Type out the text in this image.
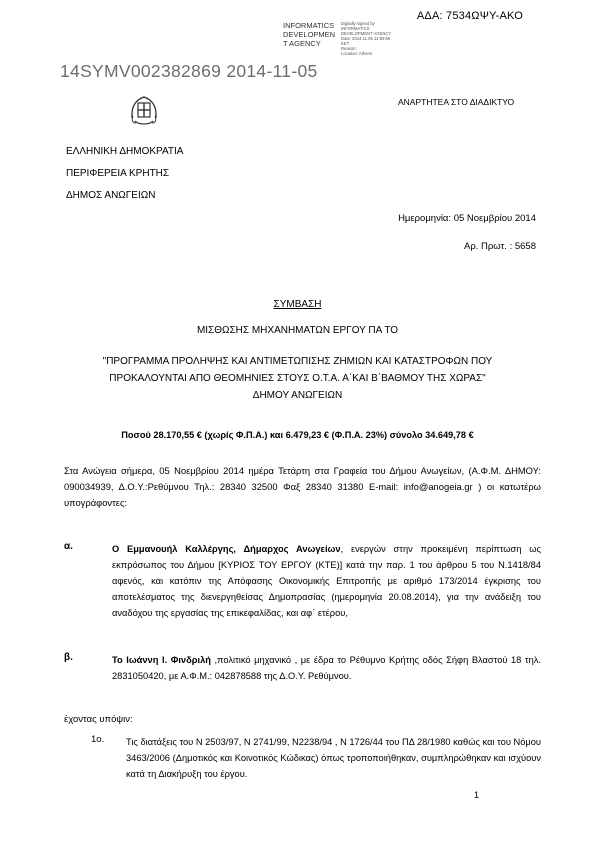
ΑΔΑ: 7534ΩΨΥ-ΑΚΟ
INFORMATICS
DEVELOPMEN
T AGENCY
Digitally signed by
INFORMATICS
DEVELOPMENT AGENCY
Date: 2014.11.05 14:59:56
EET
Reason:
Location: Athens
14SYMV002382869 2014-11-05
ΑΝΑΡΤΗΤΕΑ ΣΤΟ ΔΙΑΔΙΚΤΥΟ
ΕΛΛΗΝΙΚΗ ΔΗΜΟΚΡΑΤΙΑ
ΠΕΡΙΦΕΡΕΙΑ ΚΡΗΤΗΣ
ΔΗΜΟΣ ΑΝΩΓΕΙΩΝ
Ημερομηνία: 05 Νοεμβρίου 2014
Αρ. Πρωτ. : 5658
ΣΥΜΒΑΣΗ
ΜΙΣΘΩΣΗΣ ΜΗΧΑΝΗΜΑΤΩΝ ΕΡΓΟΥ ΠΑ ΤΟ
"ΠΡΟΓΡΑΜΜΑ ΠΡΟΛΗΨΗΣ ΚΑΙ ΑΝΤΙΜΕΤΩΠΙΣΗΣ ΖΗΜΙΩΝ ΚΑΙ ΚΑΤΑΣΤΡΟΦΩΝ ΠΟΥ
ΠΡΟΚΑΛΟΥΝΤΑΙ ΑΠΟ ΘΕΟΜΗΝΙΕΣ ΣΤΟΥΣ Ο.Τ.Α. Α΄ΚΑΙ Β΄ΒΑΘΜΟΥ ΤΗΣ ΧΩΡΑΣ"
ΔΗΜΟΥ ΑΝΩΓΕΙΩΝ
Ποσού 28.170,55 € (χωρίς Φ.Π.Α.) και 6.479,23 € (Φ.Π.Α. 23%) σύνολο 34.649,78 €
Στα Ανώγεια σήμερα, 05 Νοεμβρίου 2014 ημέρα Τετάρτη στα Γραφεία του Δήμου Ανωγείων, (Α.Φ.Μ. ΔΗΜΟΥ: 090034939, Δ.Ο.Υ.:Ρεθύμνου Τηλ.: 28340 32500 Φαξ 28340 31380 E-mail: info@anogeia.gr ) οι κατωτέρω υπογράφοντες:
α.	Ο Εμμανουήλ Καλλέργης, Δήμαρχος Ανωγείων, ενεργών στην προκειμένη περίπτωση ως εκπρόσωπος του Δήμου [ΚΥΡΙΟΣ ΤΟΥ ΕΡΓΟΥ (ΚΤΕ)] κατά την παρ. 1 του άρθρου 5 του Ν.1418/84 αφενός, και κατόπιν της Απόφασης Οικονομικής Επιτροπής με αριθμό 173/2014 έγκρισης του αποτελέσματος της διενεργηθείσας Δημοπρασίας (ημερομηνία 20.08.2014), για την ανάδειξη του αναδόχου της εργασίας της επικεφαλίδας, και αφ΄ ετέρου,
β.	Το Ιωάννη Ι. Φινδριλή ,πολιτικό μηχανικό , με έδρα το Ρέθυμνο Κρήτης οδός Σήφη Βλαστού 18 τηλ. 2831050420, με Α.Φ.Μ.: 042878588 της Δ.Ο.Υ. Ρεθύμνου.
έχοντας υπόψιν:
1ο. Τις διατάξεις του Ν 2503/97, Ν 2741/99, Ν2238/94 , Ν 1726/44 του ΠΔ 28/1980 καθώς και του Νόμου 3463/2006 (Δημοτικός και Κοινοτικός Κώδικας) όπως τροποποιήθηκαν, συμπληρώθηκαν και ισχύουν κατά τη Διακήρυξη του έργου.
1
